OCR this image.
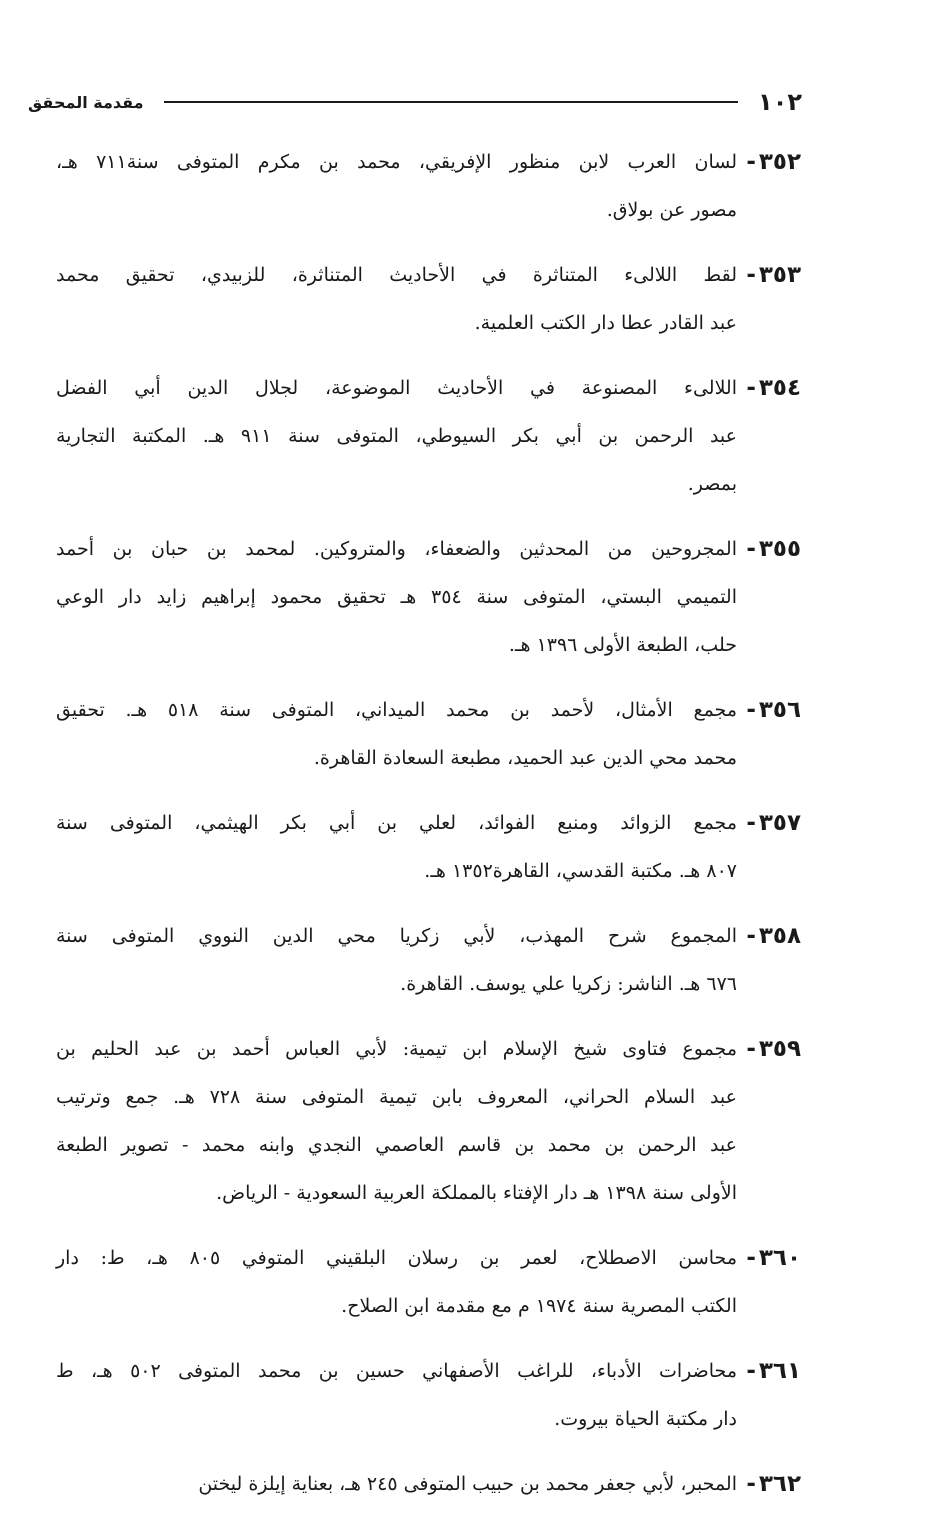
١٠٢
مقدمة المحقق
٣٥٢-
لسان العرب لابن منظور الإفريقي، محمد بن مكرم المتوفى سنة٧١١ هـ،
مصور عن بولاق.
٣٥٣-
لقط اللالىء المتناثرة في الأحاديث المتناثرة، للزبيدي، تحقيق محمد
عبد القادر عطا دار الكتب العلمية.
٣٥٤-
اللالىء المصنوعة في الأحاديث الموضوعة، لجلال الدين أبي الفضل
عبد الرحمن بن أبي بكر السيوطي، المتوفى سنة ٩١١ هـ. المكتبة التجارية
بمصر.
٣٥٥-
المجروحين من المحدثين والضعفاء، والمتروكين. لمحمد بن حبان بن أحمد
التميمي البستي، المتوفى سنة ٣٥٤ هـ تحقيق محمود إبراهيم زايد دار الوعي
حلب، الطبعة الأولى ١٣٩٦ هـ.
٣٥٦-
مجمع الأمثال، لأحمد بن محمد الميداني، المتوفى سنة ٥١٨ هـ. تحقيق
محمد محي الدين عبد الحميد، مطبعة السعادة القاهرة.
٣٥٧-
مجمع الزوائد ومنبع الفوائد، لعلي بن أبي بكر الهيثمي، المتوفى سنة
٨٠٧ هـ. مكتبة القدسي، القاهرة١٣٥٢ هـ.
٣٥٨-
المجموع شرح المهذب، لأبي زكريا محي الدين النووي المتوفى سنة
٦٧٦ هـ. الناشر: زكريا علي يوسف. القاهرة.
٣٥٩-
مجموع فتاوى شيخ الإسلام ابن تيمية: لأبي العباس أحمد بن عبد الحليم بن
عبد السلام الحراني، المعروف بابن تيمية المتوفى سنة ٧٢٨ هـ. جمع وترتيب
عبد الرحمن بن محمد بن قاسم العاصمي النجدي وابنه محمد - تصوير الطبعة
الأولى سنة ١٣٩٨ هـ دار الإفتاء بالمملكة العربية السعودية - الرياض.
٣٦٠-
محاسن الاصطلاح، لعمر بن رسلان البلقيني المتوفي ٨٠٥ هـ، ط: دار
الكتب المصرية سنة ١٩٧٤ م مع مقدمة ابن الصلاح.
٣٦١-
محاضرات الأدباء، للراغب الأصفهاني حسين بن محمد المتوفى ٥٠٢ هـ، ط
دار مكتبة الحياة بيروت.
٣٦٢-
المحبر، لأبي جعفر محمد بن حبيب المتوفى ٢٤٥ هـ، بعناية إيلزة ليختن
